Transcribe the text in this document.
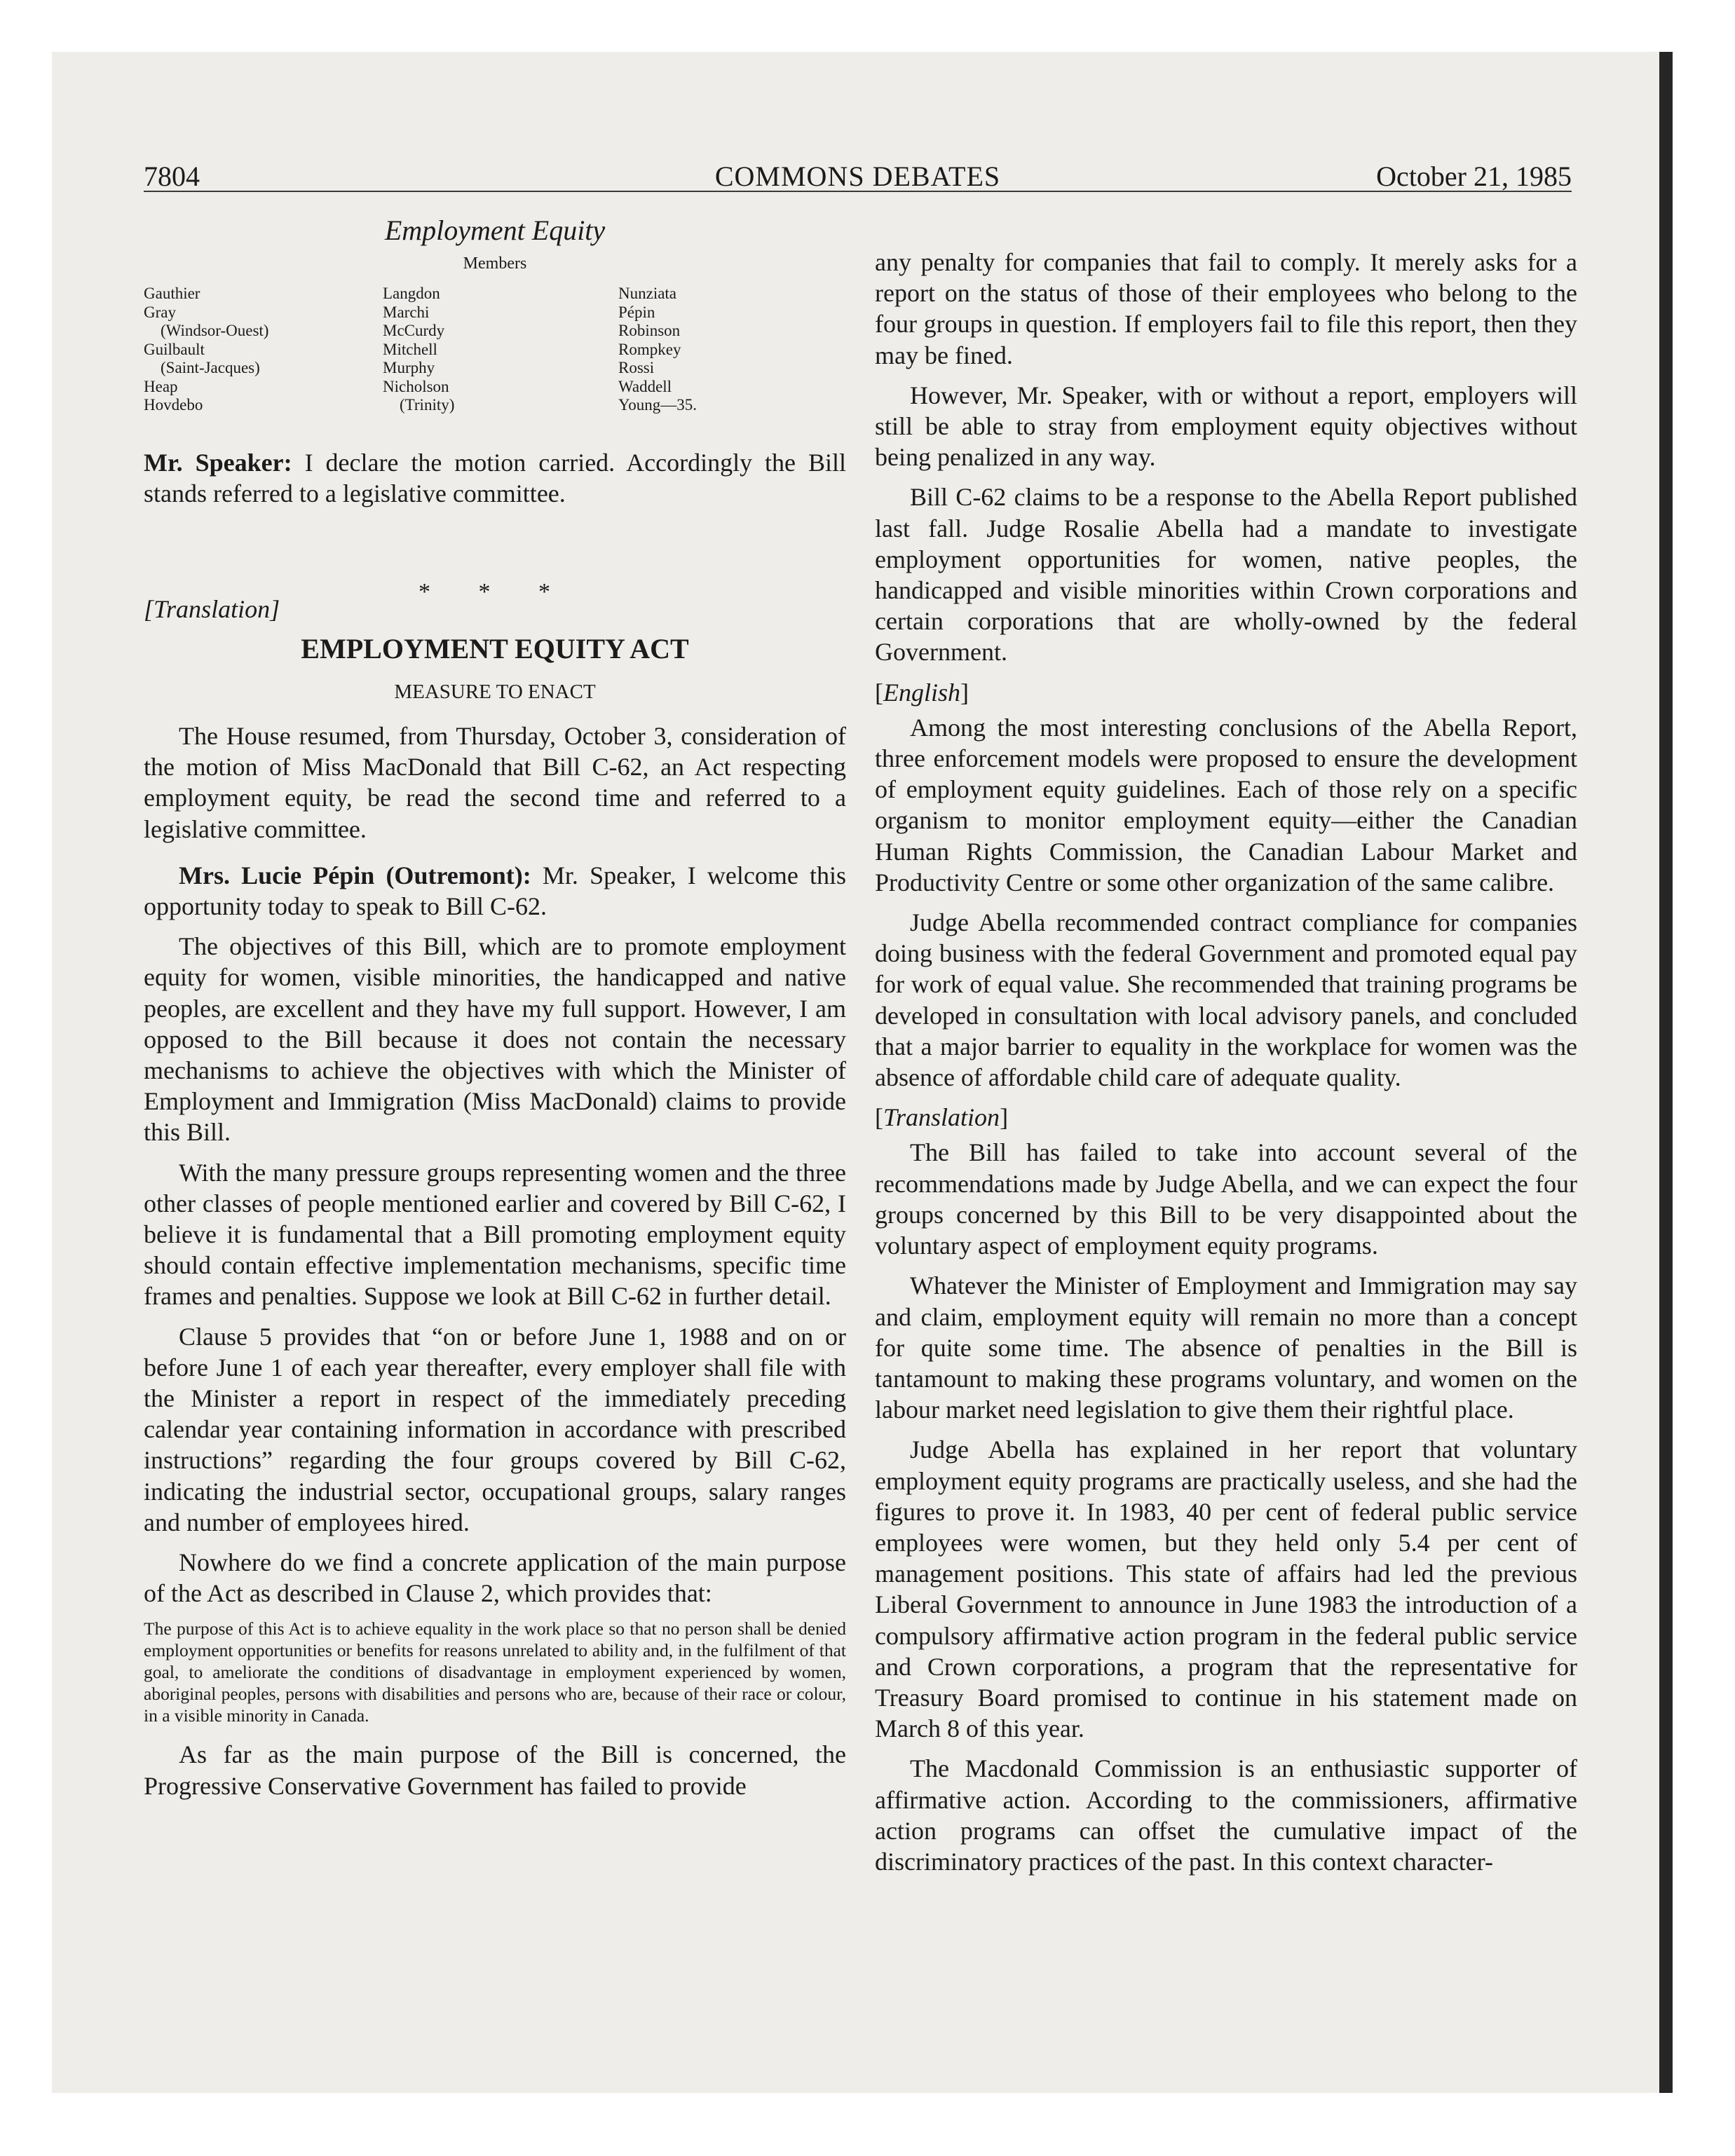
7804	COMMONS DEBATES	October 21, 1985
Employment Equity
Members
Gauthier
Gray
(Windsor-Ouest)
Guilbault
(Saint-Jacques)
Heap
Hovdebo
Langdon
Marchi
McCurdy
Mitchell
Murphy
Nicholson
(Trinity)
Nunziata
Pépin
Robinson
Rompkey
Rossi
Waddell
Young—35.

Mr. Speaker: I declare the motion carried. Accordingly the Bill stands referred to a legislative committee.

* * *
[Translation]
EMPLOYMENT EQUITY ACT
MEASURE TO ENACT

The House resumed, from Thursday, October 3, consideration of the motion of Miss MacDonald that Bill C-62, an Act respecting employment equity, be read the second time and referred to a legislative committee.

Mrs. Lucie Pépin (Outremont): Mr. Speaker, I welcome this opportunity today to speak to Bill C-62.

The objectives of this Bill, which are to promote employment equity for women, visible minorities, the handicapped and native peoples, are excellent and they have my full support. However, I am opposed to the Bill because it does not contain the necessary mechanisms to achieve the objectives with which the Minister of Employment and Immigration (Miss MacDonald) claims to provide this Bill.

With the many pressure groups representing women and the three other classes of people mentioned earlier and covered by Bill C-62, I believe it is fundamental that a Bill promoting employment equity should contain effective implementation mechanisms, specific time frames and penalties. Suppose we look at Bill C-62 in further detail.

Clause 5 provides that “on or before June 1, 1988 and on or before June 1 of each year thereafter, every employer shall file with the Minister a report in respect of the immediately preceding calendar year containing information in accordance with prescribed instructions” regarding the four groups covered by Bill C-62, indicating the industrial sector, occupational groups, salary ranges and number of employees hired.

Nowhere do we find a concrete application of the main purpose of the Act as described in Clause 2, which provides that:

The purpose of this Act is to achieve equality in the work place so that no person shall be denied employment opportunities or benefits for reasons unrelated to ability and, in the fulfilment of that goal, to ameliorate the conditions of disadvantage in employment experienced by women, aboriginal peoples, persons with disabilities and persons who are, because of their race or colour, in a visible minority in Canada.

As far as the main purpose of the Bill is concerned, the Progressive Conservative Government has failed to provide

any penalty for companies that fail to comply. It merely asks for a report on the status of those of their employees who belong to the four groups in question. If employers fail to file this report, then they may be fined.

However, Mr. Speaker, with or without a report, employers will still be able to stray from employment equity objectives without being penalized in any way.

Bill C-62 claims to be a response to the Abella Report published last fall. Judge Rosalie Abella had a mandate to investigate employment opportunities for women, native peoples, the handicapped and visible minorities within Crown corporations and certain corporations that are wholly-owned by the federal Government.

[English]

Among the most interesting conclusions of the Abella Report, three enforcement models were proposed to ensure the development of employment equity guidelines. Each of those rely on a specific organism to monitor employment equity—either the Canadian Human Rights Commission, the Canadian Labour Market and Productivity Centre or some other organization of the same calibre.

Judge Abella recommended contract compliance for companies doing business with the federal Government and promoted equal pay for work of equal value. She recommended that training programs be developed in consultation with local advisory panels, and concluded that a major barrier to equality in the workplace for women was the absence of affordable child care of adequate quality.

[Translation]

The Bill has failed to take into account several of the recommendations made by Judge Abella, and we can expect the four groups concerned by this Bill to be very disappointed about the voluntary aspect of employment equity programs.

Whatever the Minister of Employment and Immigration may say and claim, employment equity will remain no more than a concept for quite some time. The absence of penalties in the Bill is tantamount to making these programs voluntary, and women on the labour market need legislation to give them their rightful place.

Judge Abella has explained in her report that voluntary employment equity programs are practically useless, and she had the figures to prove it. In 1983, 40 per cent of federal public service employees were women, but they held only 5.4 per cent of management positions. This state of affairs had led the previous Liberal Government to announce in June 1983 the introduction of a compulsory affirmative action program in the federal public service and Crown corporations, a program that the representative for Treasury Board promised to continue in his statement made on March 8 of this year.

The Macdonald Commission is an enthusiastic supporter of affirmative action. According to the commissioners, affirmative action programs can offset the cumulative impact of the discriminatory practices of the past. In this context character-
